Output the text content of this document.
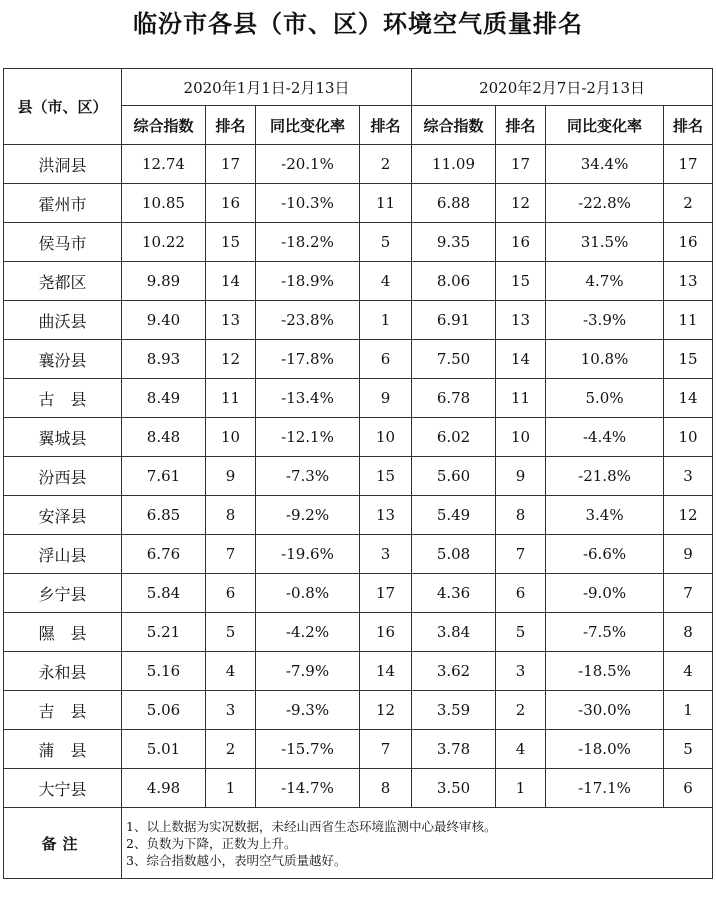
临汾市各县（市、区）环境空气质量排名
县（市、区）	2020年1月1日-2月13日				2020年2月7日-2月13日			
	综合指数	排名	同比变化率	排名	综合指数	排名	同比变化率	排名
洪洞县	12.74	17	-20.1%	2	11.09	17	34.4%	17
霍州市	10.85	16	-10.3%	11	6.88	12	-22.8%	2
侯马市	10.22	15	-18.2%	5	9.35	16	31.5%	16
尧都区	9.89	14	-18.9%	4	8.06	15	4.7%	13
曲沃县	9.40	13	-23.8%	1	6.91	13	-3.9%	11
襄汾县	8.93	12	-17.8%	6	7.50	14	10.8%	15
古　县	8.49	11	-13.4%	9	6.78	11	5.0%	14
翼城县	8.48	10	-12.1%	10	6.02	10	-4.4%	10
汾西县	7.61	9	-7.3%	15	5.60	9	-21.8%	3
安泽县	6.85	8	-9.2%	13	5.49	8	3.4%	12
浮山县	6.76	7	-19.6%	3	5.08	7	-6.6%	9
乡宁县	5.84	6	-0.8%	17	4.36	6	-9.0%	7
隰　县	5.21	5	-4.2%	16	3.84	5	-7.5%	8
永和县	5.16	4	-7.9%	14	3.62	3	-18.5%	4
吉　县	5.06	3	-9.3%	12	3.59	2	-30.0%	1
蒲　县	5.01	2	-15.7%	7	3.78	4	-18.0%	5
大宁县	4.98	1	-14.7%	8	3.50	1	-17.1%	6
备注	1、以上数据为实况数据，未经山西省生态环境监测中心最终审核。
2、负数为下降，正数为上升。
3、综合指数越小，表明空气质量越好。							
